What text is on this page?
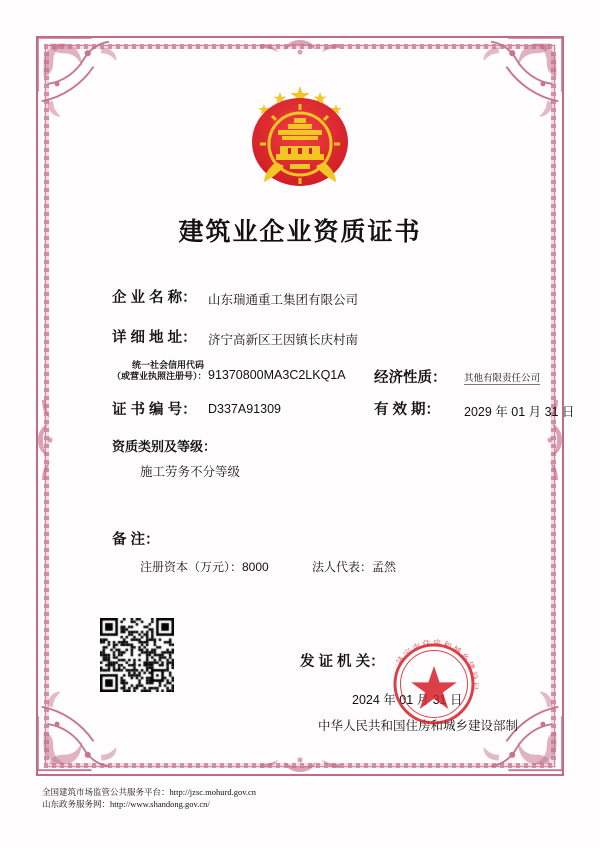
建筑业企业资质证书
企 业 名 称： 山东瑞通重工集团有限公司
详 细 地 址： 济宁高新区王因镇长庆村南
统一社会信用代码
（或营业执照注册号）： 91370800MA3C2LKQ1A 经济性质： 其他有限责任公司
证 书 编 号： D337A91309	有 效 期： 2029 年 01 月 31 日
资质类别及等级：
施工劳务不分等级
备 注：
注册资本（万元）：8000	法人代表：孟然
发 证 机 关：
2024 年 01 月 31 日
中华人民共和国住房和城乡建设部制
济宁市住房和城乡建设局
全国建筑市场监管公共服务平台：http://jzsc.mohurd.gov.cn
山东政务服务网：http://www.shandong.gov.cn/
